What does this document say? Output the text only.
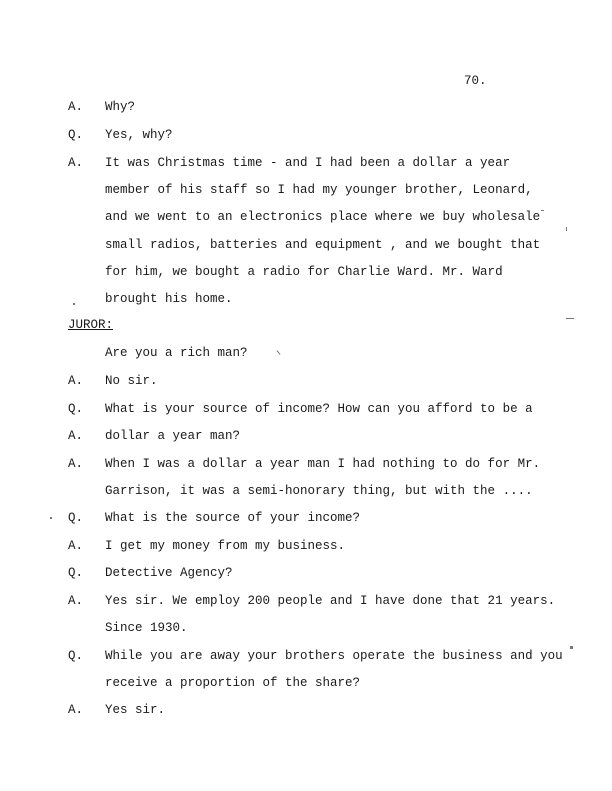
70.
A. Why?
Q. Yes, why?
A. It was Christmas time - and I had been a dollar a year
member of his staff so I had my younger brother, Leonard,
and we went to an electronics place where we buy wholesale
small radios, batteries and equipment , and we bought that
for him, we bought a radio for Charlie Ward. Mr. Ward
brought his home.
JUROR:
Are you a rich man?
A. No sir.
Q. What is your source of income? How can you afford to be a
A. dollar a year man?
A. When I was a dollar a year man I had nothing to do for Mr.
Garrison, it was a semi-honorary thing, but with the ....
Q. What is the source of your income?
A. I get my money from my business.
Q. Detective Agency?
A. Yes sir. We employ 200 people and I have done that 21 years.
Since 1930.
Q. While you are away your brothers operate the business and you
receive a proportion of the share?
A. Yes sir.
